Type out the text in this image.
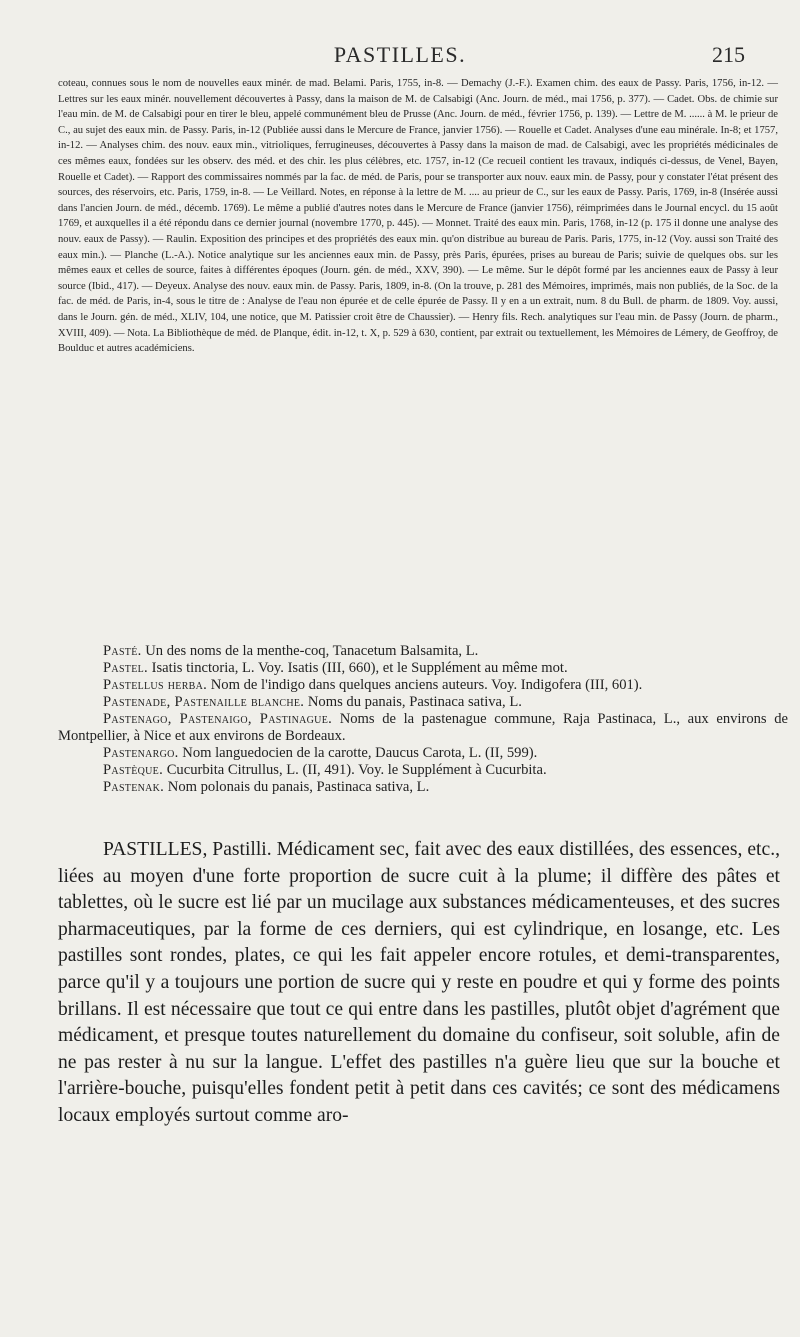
PASTILLES.	215

coteau, connues sous le nom de nouvelles eaux minér. de mad. Belami. Paris, 1755, in-8. — Demachy (J.-F.). Examen chim. des eaux de Passy. Paris, 1756, in-12. — Lettres sur les eaux minér. nouvellement découvertes à Passy, dans la maison de M. de Calsabigi (Anc. Journ. de méd., mai 1756, p. 377). — Cadet. Obs. de chimie sur l'eau min. de M. de Calsabigi pour en tirer le bleu, appelé communément bleu de Prusse (Anc. Journ. de méd., février 1756, p. 139). — Lettre de M. ...... à M. le prieur de C., au sujet des eaux min. de Passy. Paris, in-12 (Publiée aussi dans le Mercure de France, janvier 1756). — Rouelle et Cadet. Analyses d'une eau minérale. In-8; et 1757, in-12. — Analyses chim. des nouv. eaux min., vitrioliques, ferrugineuses, découvertes à Passy dans la maison de mad. de Calsabigi, avec les propriétés médicinales de ces mêmes eaux, fondées sur les observ. des méd. et des chir. les plus célèbres, etc. 1757, in-12 (Ce recueil contient les travaux, indiqués ci-dessus, de Venel, Bayen, Rouelle et Cadet). — Rapport des commissaires nommés par la fac. de méd. de Paris, pour se transporter aux nouv. eaux min. de Passy, pour y constater l'état présent des sources, des réservoirs, etc. Paris, 1759, in-8. — Le Veillard. Notes, en réponse à la lettre de M. .... au prieur de C., sur les eaux de Passy. Paris, 1769, in-8 (Insérée aussi dans l'ancien Journ. de méd., décemb. 1769). Le même a publié d'autres notes dans le Mercure de France (janvier 1756), réimprimées dans le Journal encycl. du 15 août 1769, et auxquelles il a été répondu dans ce dernier journal (novembre 1770, p. 445). — Monnet. Traité des eaux min. Paris, 1768, in-12 (p. 175 il donne une analyse des nouv. eaux de Passy). — Raulin. Exposition des principes et des propriétés des eaux min. qu'on distribue au bureau de Paris. Paris, 1775, in-12 (Voy. aussi son Traité des eaux min.). — Planche (L.-A.). Notice analytique sur les anciennes eaux min. de Passy, près Paris, épurées, prises au bureau de Paris; suivie de quelques obs. sur les mêmes eaux et celles de source, faites à différentes époques (Journ. gén. de méd., XXV, 390). — Le même. Sur le dépôt formé par les anciennes eaux de Passy à leur source (Ibid., 417). — Deyeux. Analyse des nouv. eaux min. de Passy. Paris, 1809, in-8. (On la trouve, p. 281 des Mémoires, imprimés, mais non publiés, de la Soc. de la fac. de méd. de Paris, in-4, sous le titre de : Analyse de l'eau non épurée et de celle épurée de Passy. Il y en a un extrait, num. 8 du Bull. de pharm. de 1809. Voy. aussi, dans le Journ. gén. de méd., XLIV, 104, une notice, que M. Patissier croit être de Chaussier). — Henry fils. Rech. analytiques sur l'eau min. de Passy (Journ. de pharm., XVIII, 409). — Nota. La Bibliothèque de méd. de Planque, édit. in-12, t. X, p. 529 à 630, contient, par extrait ou textuellement, les Mémoires de Lémery, de Geoffroy, de Boulduc et autres académiciens.

Pasté. Un des noms de la menthe-coq, Tanacetum Balsamita, L.

Pastel. Isatis tinctoria, L. Voy. Isatis (III, 660), et le Supplément au même mot.

Pastellus herba. Nom de l'indigo dans quelques anciens auteurs. Voy. Indigofera (III, 601).

Pastenade, Pastenaille blanche. Noms du panais, Pastinaca sativa, L.

Pastenago, Pastenaigo, Pastinague. Noms de la pastenague commune, Raja Pastinaca, L., aux environs de Montpellier, à Nice et aux environs de Bordeaux.

Pastenargo. Nom languedocien de la carotte, Daucus Carota, L. (II, 599).

Pastèque. Cucurbita Citrullus, L. (II, 491). Voy. le Supplément à Cucurbita.

Pastenak. Nom polonais du panais, Pastinaca sativa, L.

PASTILLES, Pastilli. Médicament sec, fait avec des eaux distillées, des essences, etc., liées au moyen d'une forte proportion de sucre cuit à la plume; il diffère des pâtes et tablettes, où le sucre est lié par un mucilage aux substances médicamenteuses, et des sucres pharmaceutiques, par la forme de ces derniers, qui est cylindrique, en losange, etc. Les pastilles sont rondes, plates, ce qui les fait appeler encore rotules, et demi-transparentes, parce qu'il y a toujours une portion de sucre qui y reste en poudre et qui y forme des points brillans. Il est nécessaire que tout ce qui entre dans les pastilles, plutôt objet d'agrément que médicament, et presque toutes naturellement du domaine du confiseur, soit soluble, afin de ne pas rester à nu sur la langue. L'effet des pastilles n'a guère lieu que sur la bouche et l'arrière-bouche, puisqu'elles fondent petit à petit dans ces cavités; ce sont des médicamens locaux employés surtout comme aro-
